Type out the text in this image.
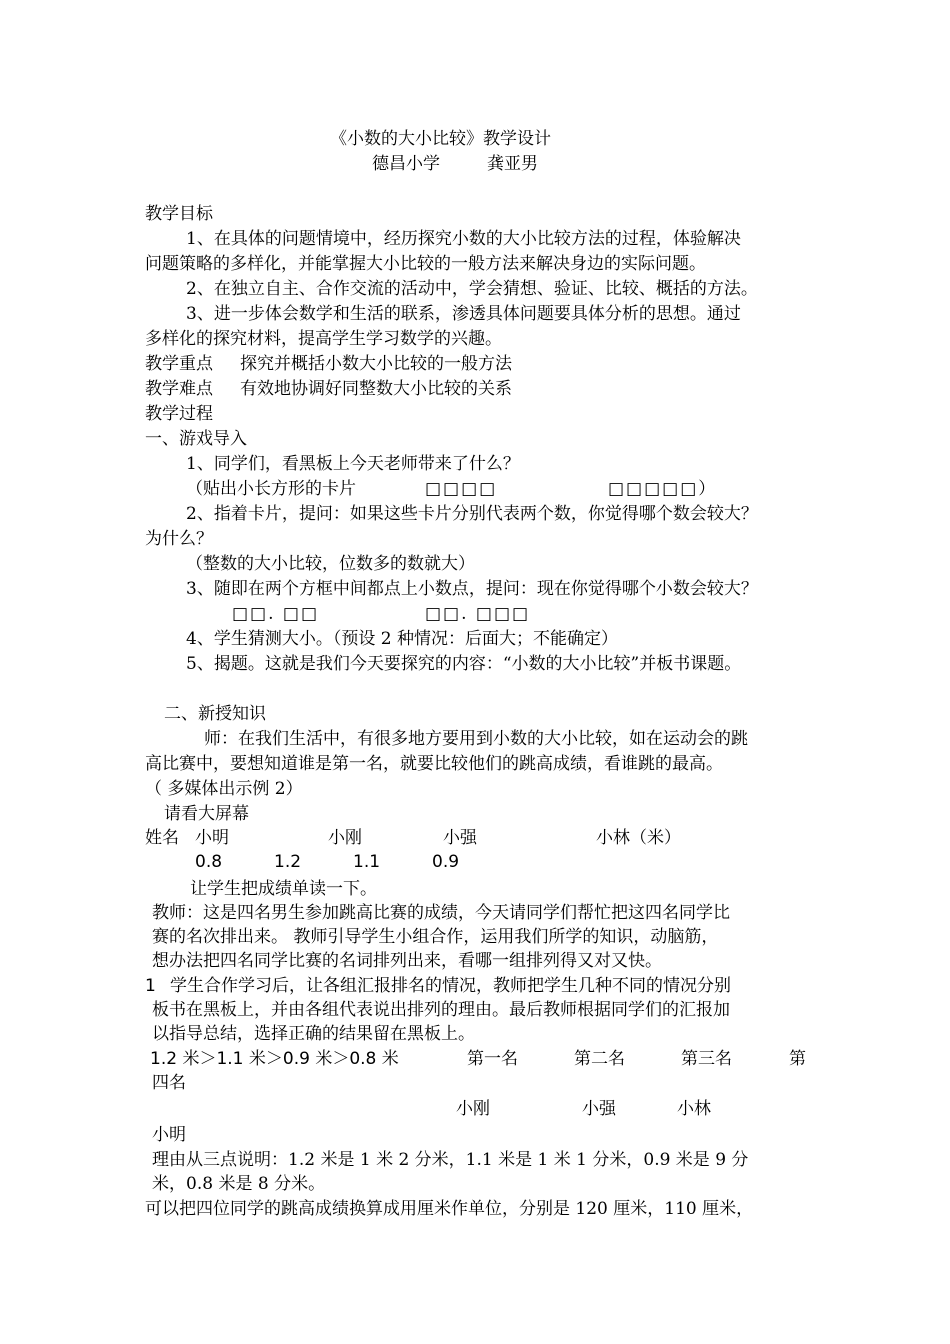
《小数的大小比较》教学设计
德昌小学	龚亚男
教学目标
1、在具体的问题情境中，经历探究小数的大小比较方法的过程，体验解决
问题策略的多样化，并能掌握大小比较的一般方法来解决身边的实际问题。
2、在独立自主、合作交流的活动中，学会猜想、验证、比较、概括的方法。
3、进一步体会数学和生活的联系，渗透具体问题要具体分析的思想。通过
多样化的探究材料，提高学生学习数学的兴趣。
教学重点 探究并概括小数大小比较的一般方法
教学难点 有效地协调好同整数大小比较的关系
教学过程
一、游戏导入
1、同学们，看黑板上今天老师带来了什么？
（贴出小长方形的卡片	□□□□	□□□□□）
2、指着卡片，提问：如果这些卡片分别代表两个数，你觉得哪个数会较大？
为什么？
（整数的大小比较，位数多的数就大）
3、随即在两个方框中间都点上小数点，提问：现在你觉得哪个小数会较大？
□□. □□	□□. □□□
4、学生猜测大小。（预设 2 种情况：后面大；不能确定）
5、揭题。这就是我们今天要探究的内容：“小数的大小比较”并板书课题。
二、新授知识
师：在我们生活中，有很多地方要用到小数的大小比较，如在运动会的跳
高比赛中，要想知道谁是第一名，就要比较他们的跳高成绩，看谁跳的最高。
（ 多媒体出示例 2）
请看大屏幕
姓名 小明	小刚	小强	小林（米）
0.8	1.2	1.1	0.9
让学生把成绩单读一下。
教师：这是四名男生参加跳高比赛的成绩，今天请同学们帮忙把这四名同学比
赛的名次排出来。 教师引导学生小组合作，运用我们所学的知识，动脑筋，
想办法把四名同学比赛的名词排列出来，看哪一组排列得又对又快。
1 学生合作学习后，让各组汇报排名的情况，教师把学生几种不同的情况分别
板书在黑板上，并由各组代表说出排列的理由。最后教师根据同学们的汇报加
以指导总结，选择正确的结果留在黑板上。
1.2 米＞1.1 米＞0.9 米＞0.8 米	第一名	第二名	第三名	第
四名
小刚	小强	小林
小明
理由从三点说明：1.2 米是 1 米 2 分米，1.1 米是 1 米 1 分米，0.9 米是 9 分
米，0.8 米是 8 分米。
可以把四位同学的跳高成绩换算成用厘米作单位，分别是 120 厘米，110 厘米，
